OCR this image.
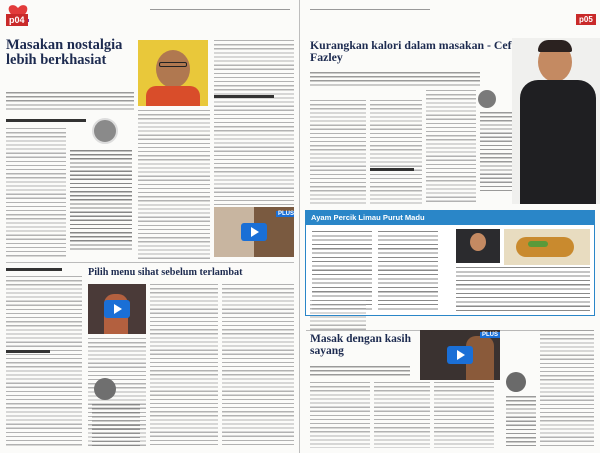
p04
Masakan nostalgia lebih berkhasiat
PLUS
Pilih menu sihat sebelum terlambat
p05
Kurangkan kalori dalam masakan - Cef Fazley
Ayam Percik Limau Purut Madu
Masak dengan kasih sayang
PLUS
